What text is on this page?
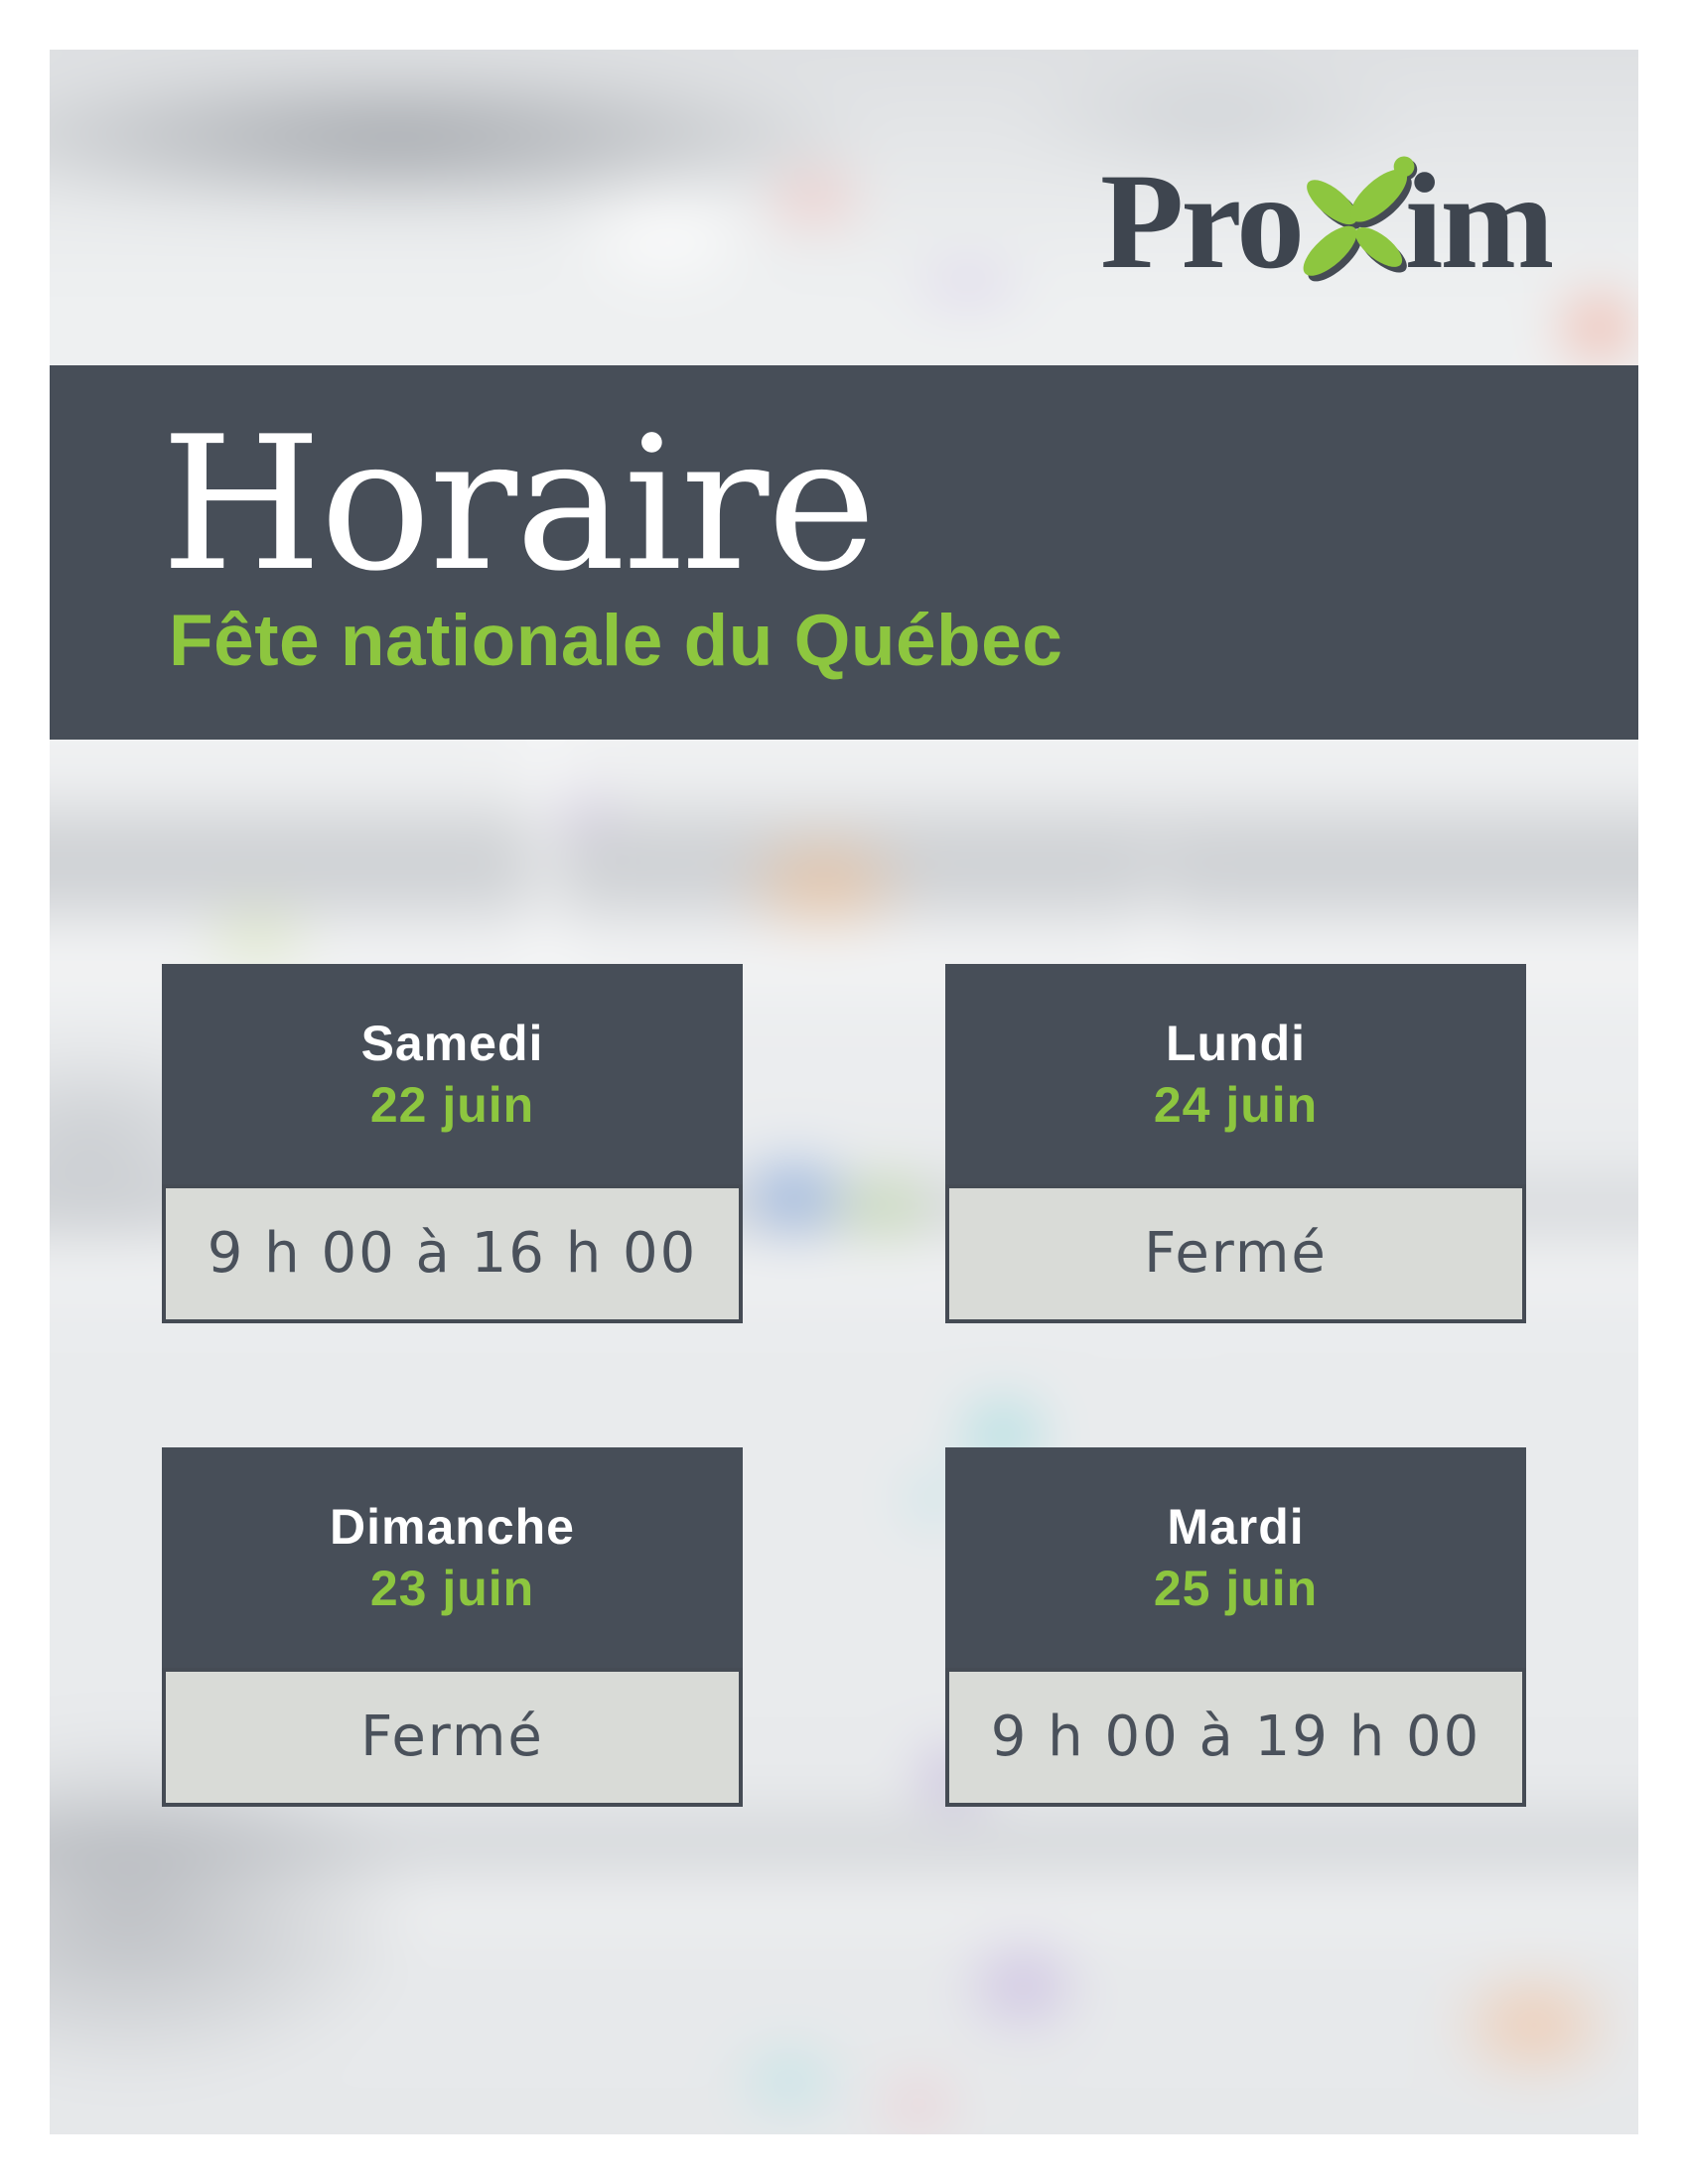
Pro im
Horaire
Fête nationale du Québec
Samedi
22 juin
9 h 00 à 16 h 00
Lundi
24 juin
Fermé
Dimanche
23 juin
Fermé
Mardi
25 juin
9 h 00 à 19 h 00
